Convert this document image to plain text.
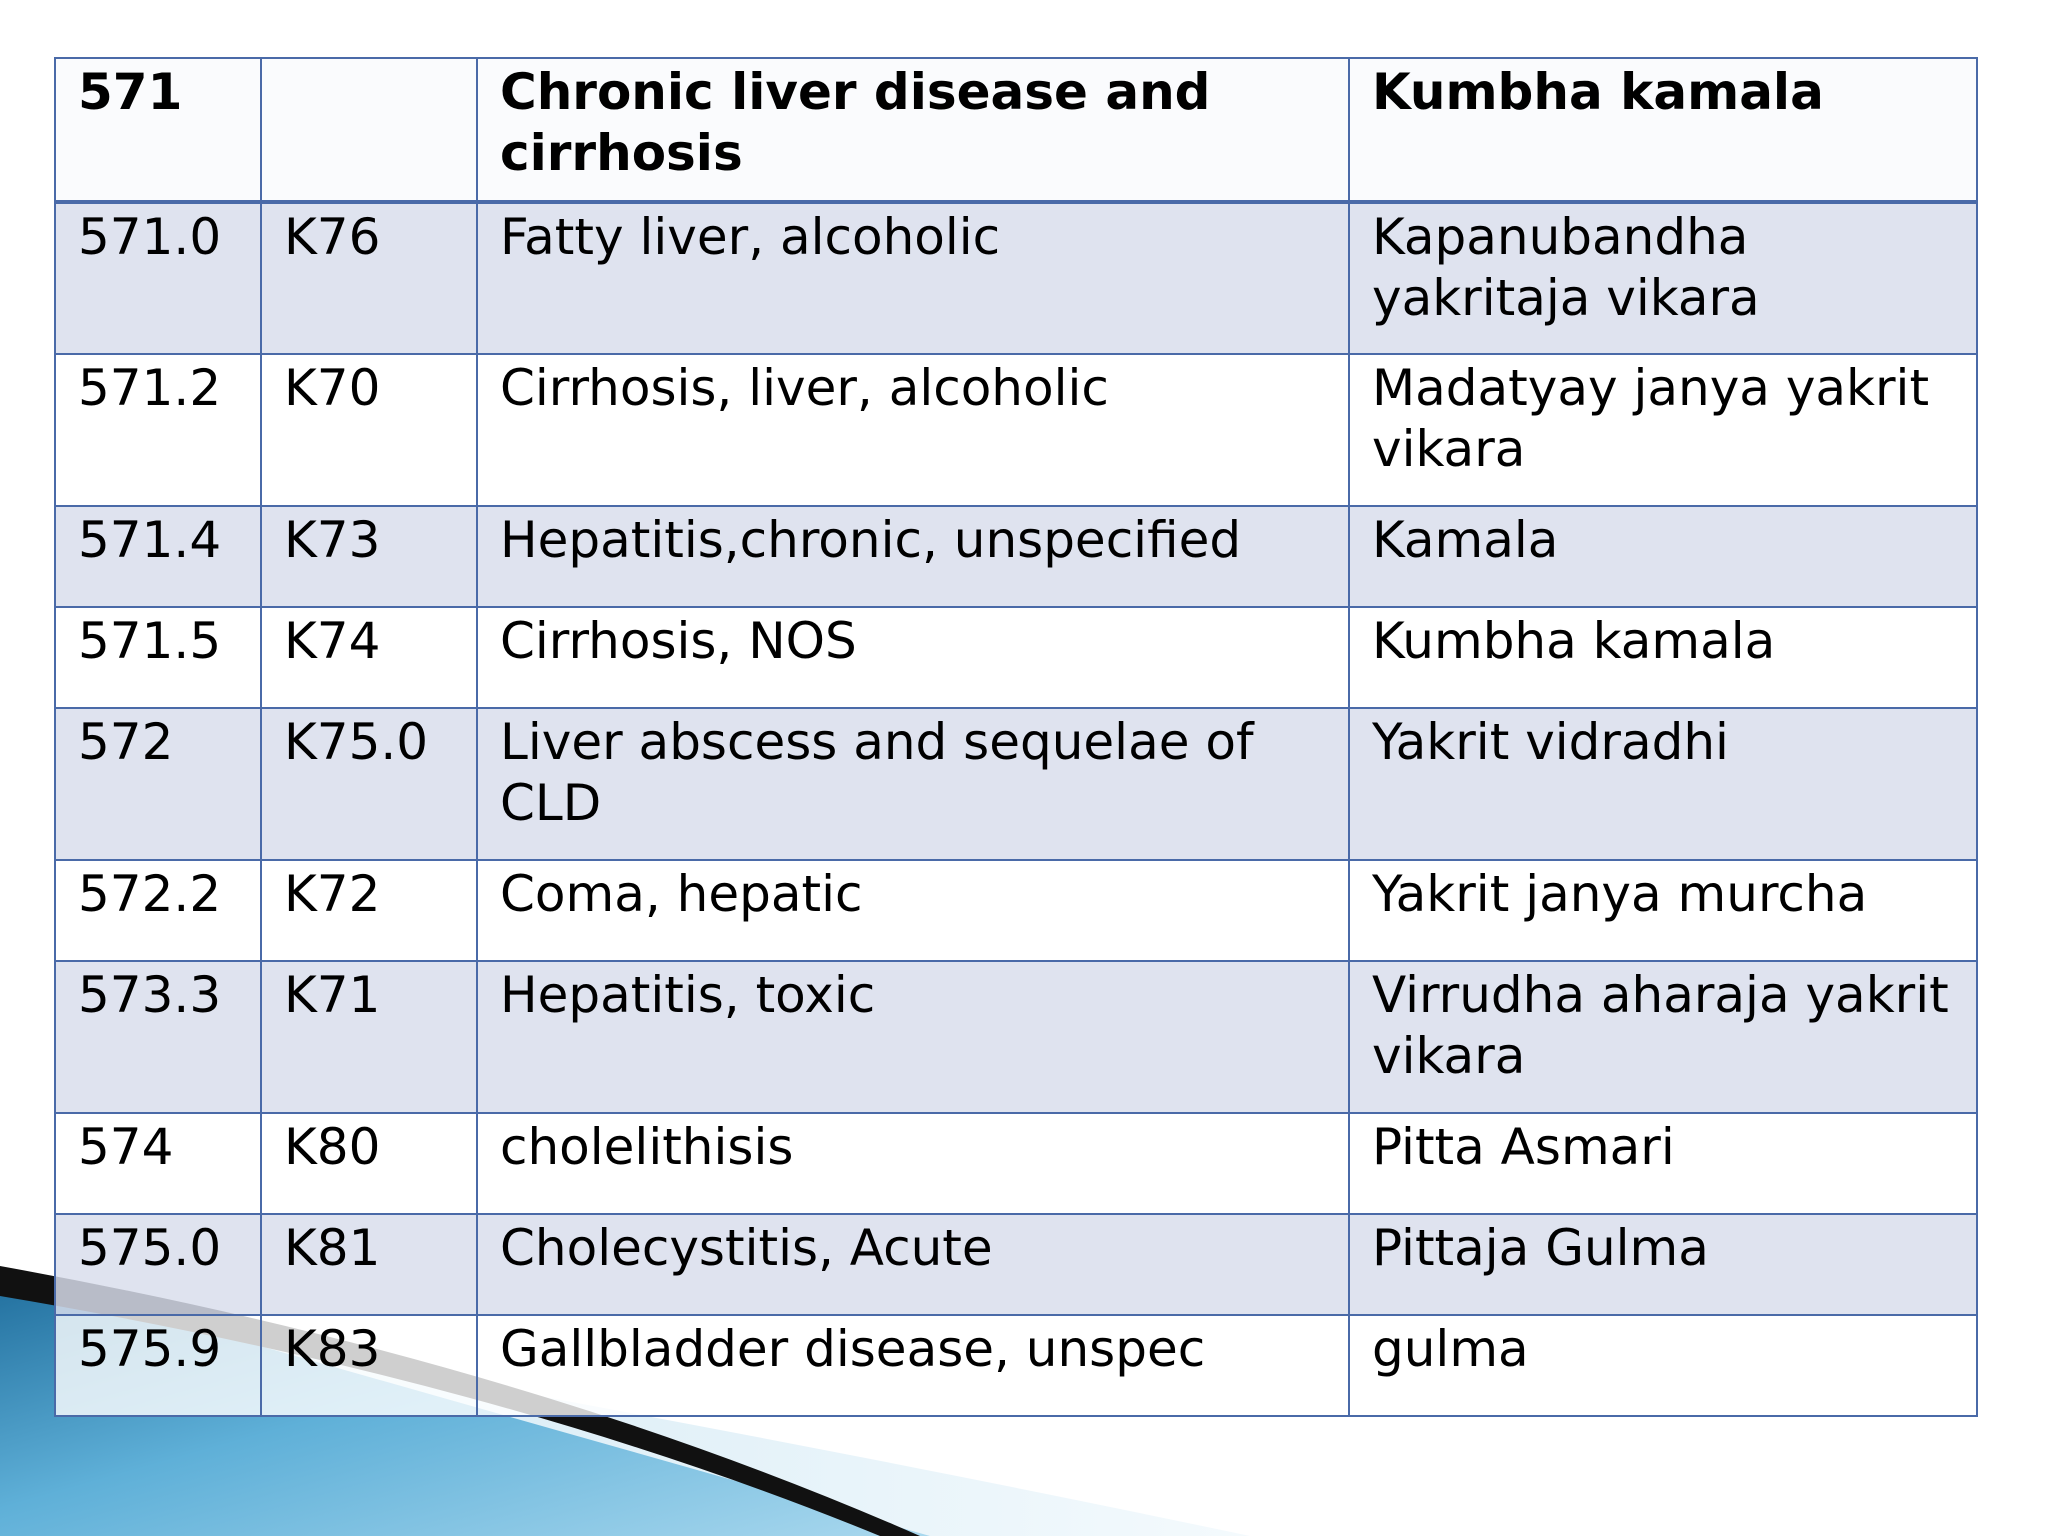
571		Chronic liver disease and cirrhosis	Kumbha kamala
571.0	K76	Fatty liver, alcoholic	Kapanubandha yakritaja vikara
571.2	K70	Cirrhosis, liver, alcoholic	Madatyay janya yakrit vikara
571.4	K73	Hepatitis,chronic, unspecified	Kamala
571.5	K74	Cirrhosis, NOS	Kumbha kamala
572	K75.0	Liver abscess and sequelae of CLD	Yakrit vidradhi
572.2	K72	Coma, hepatic	Yakrit janya murcha
573.3	K71	Hepatitis, toxic	Virrudha aharaja yakrit vikara
574	K80	cholelithisis	Pitta Asmari
575.0	K81	Cholecystitis, Acute	Pittaja Gulma
575.9	K83	Gallbladder disease, unspec	gulma
